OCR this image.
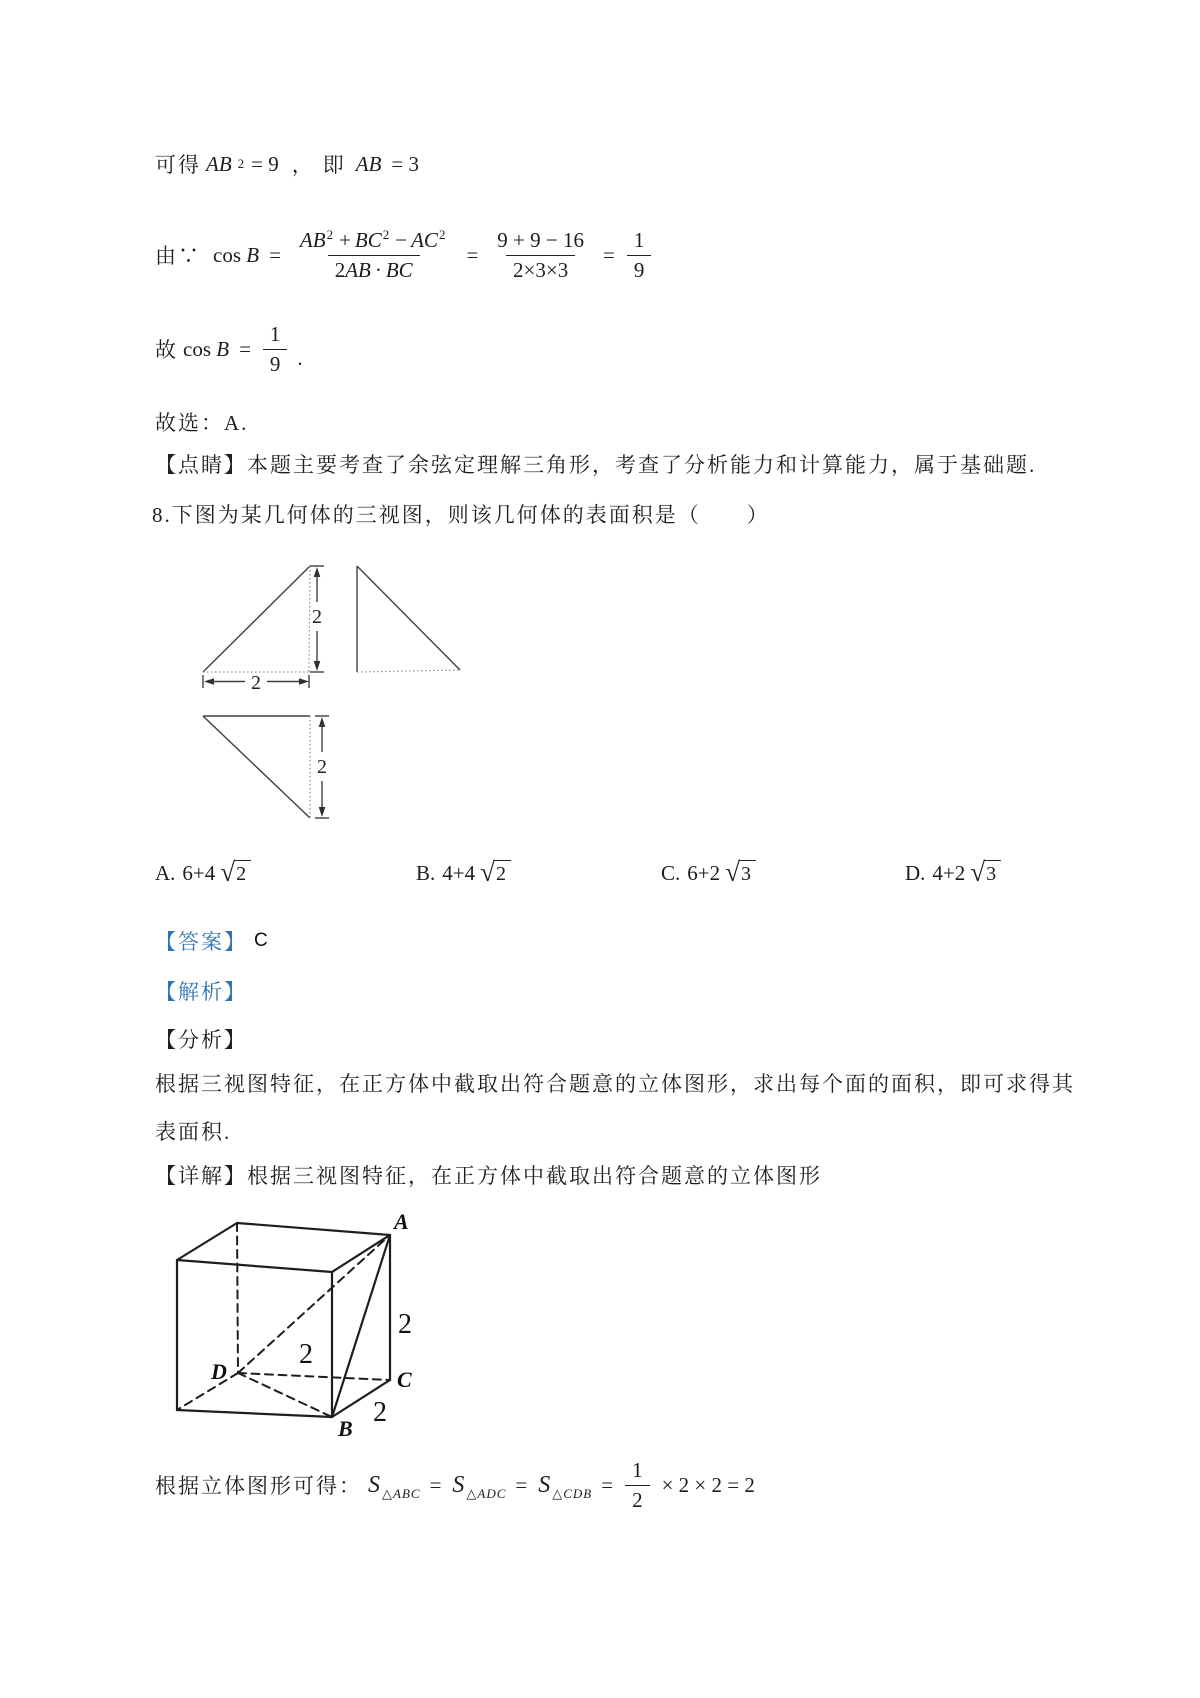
可得 AB 2 = 9 ， 即 AB = 3
由∵ $\cos B = \frac{AB^2 + BC^2 - AC^2}{2AB \cdot BC} = \frac{9 + 9 - 16}{2\times 3\times 3} = \frac{1}{9}$
故 $\cos B = \frac{1}{9}$ .
故选：A.
【点睛】本题主要考查了余弦定理解三角形，考查了分析能力和计算能力，属于基础题.
8.下图为某几何体的三视图，则该几何体的表面积是（　　）
2
2
2
A. 6+4 √ 2	B. 4+4 √ 2	C. 6+2 √ 3	D. 4+2 √ 3
【答案】 C
【解析】
【分析】
根据三视图特征，在正方体中截取出符合题意的立体图形，求出每个面的面积，即可求得其
表面积.
【详解】根据三视图特征，在正方体中截取出符合题意的立体图形
A
B
C
D
2
2
2
根据立体图形可得： S △ABC = S △ADC = S △CDB = $\frac{1}{2} \times 2 \times 2 = 2$
